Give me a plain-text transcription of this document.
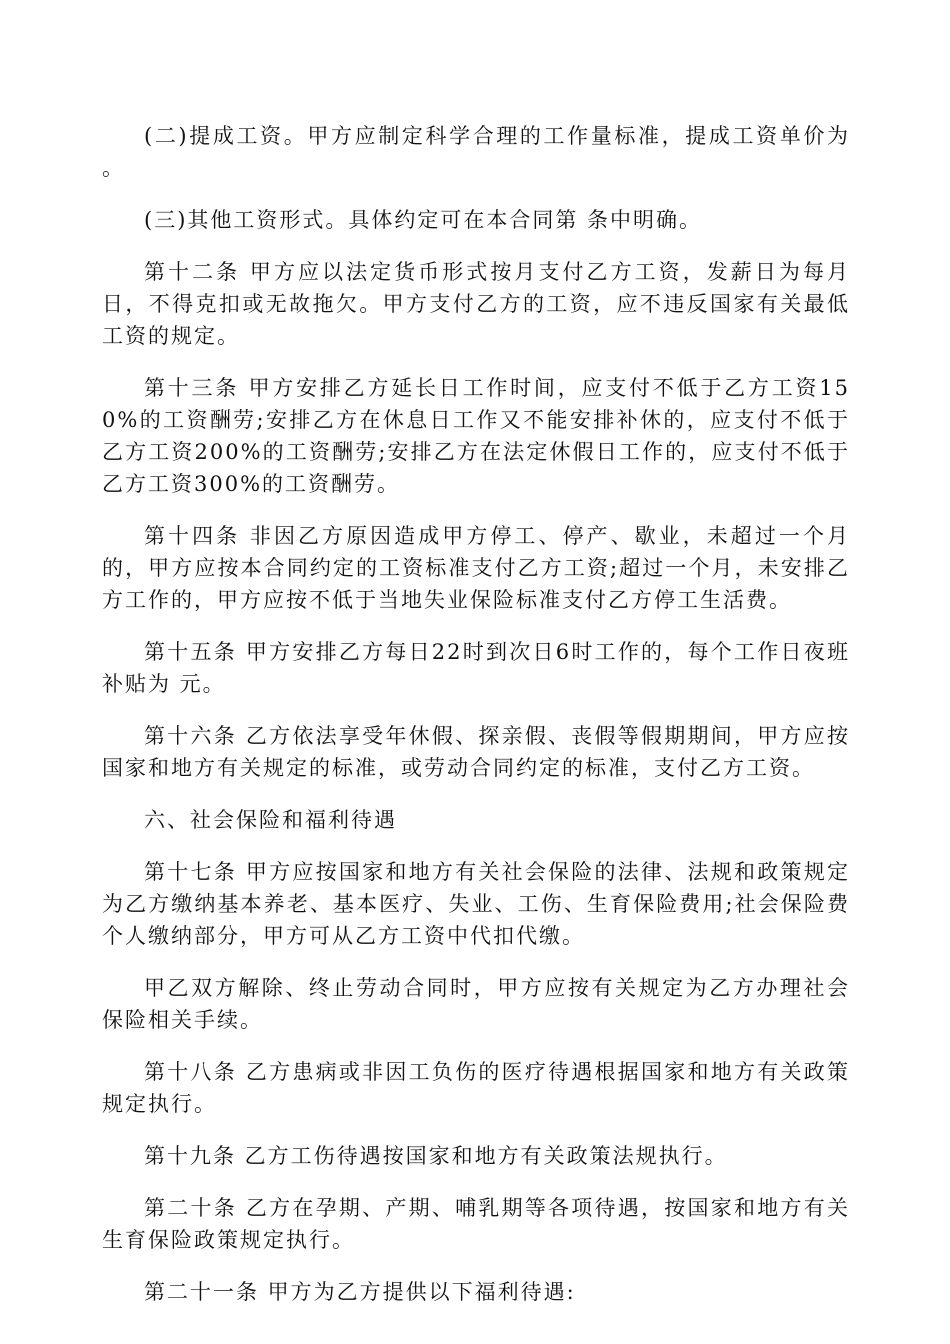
(二)提成工资。甲方应制定科学合理的工作量标准，提成工资单价为 。

(三)其他工资形式。具体约定可在本合同第 条中明确。

第十二条 甲方应以法定货币形式按月支付乙方工资，发薪日为每月 日，不得克扣或无故拖欠。甲方支付乙方的工资，应不违反国家有关最低工资的规定。

第十三条 甲方安排乙方延长日工作时间，应支付不低于乙方工资150%的工资酬劳;安排乙方在休息日工作又不能安排补休的，应支付不低于乙方工资200%的工资酬劳;安排乙方在法定休假日工作的，应支付不低于乙方工资300%的工资酬劳。

第十四条 非因乙方原因造成甲方停工、停产、歇业，未超过一个月的，甲方应按本合同约定的工资标准支付乙方工资;超过一个月，未安排乙方工作的，甲方应按不低于当地失业保险标准支付乙方停工生活费。

第十五条 甲方安排乙方每日22时到次日6时工作的，每个工作日夜班补贴为 元。

第十六条 乙方依法享受年休假、探亲假、丧假等假期期间，甲方应按国家和地方有关规定的标准，或劳动合同约定的标准，支付乙方工资。

六、社会保险和福利待遇

第十七条 甲方应按国家和地方有关社会保险的法律、法规和政策规定为乙方缴纳基本养老、基本医疗、失业、工伤、生育保险费用;社会保险费个人缴纳部分，甲方可从乙方工资中代扣代缴。

甲乙双方解除、终止劳动合同时，甲方应按有关规定为乙方办理社会保险相关手续。

第十八条 乙方患病或非因工负伤的医疗待遇根据国家和地方有关政策规定执行。

第十九条 乙方工伤待遇按国家和地方有关政策法规执行。

第二十条 乙方在孕期、产期、哺乳期等各项待遇，按国家和地方有关生育保险政策规定执行。

第二十一条 甲方为乙方提供以下福利待遇:
